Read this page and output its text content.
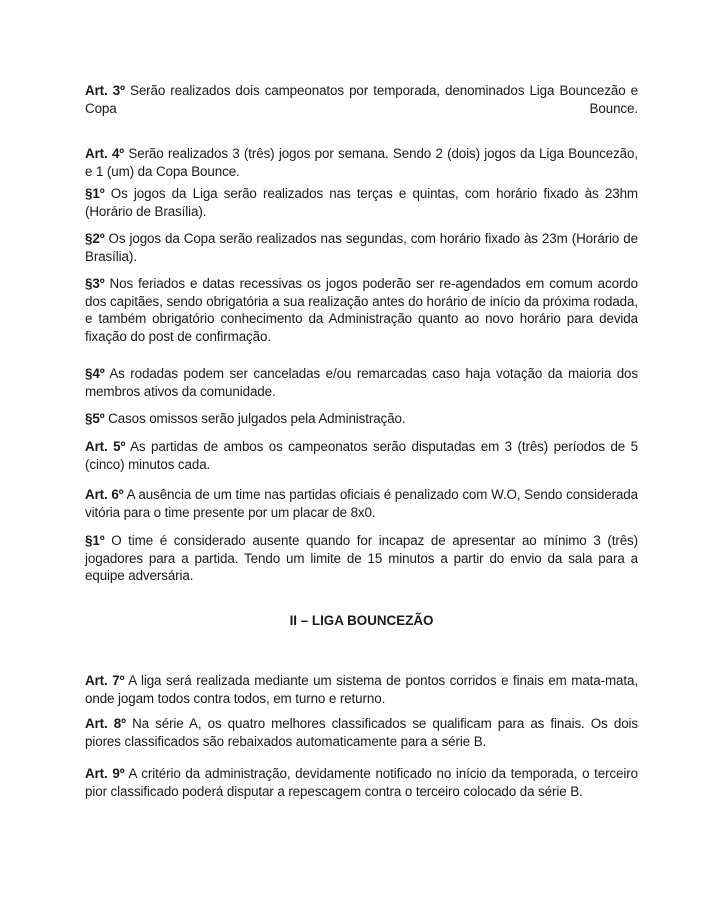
Art. 3º Serão realizados dois campeonatos por temporada, denominados Liga Bouncezão e Copa Bounce.

Art. 4º Serão realizados 3 (três) jogos por semana. Sendo 2 (dois) jogos da Liga Bouncezão, e 1 (um) da Copa Bounce.

§1º Os jogos da Liga serão realizados nas terças e quintas, com horário fixado às 23hm (Horário de Brasília).

§2º Os jogos da Copa serão realizados nas segundas, com horário fixado às 23m (Horário de Brasília).

§3º Nos feriados e datas recessivas os jogos poderão ser re-agendados em comum acordo dos capitães, sendo obrigatória a sua realização antes do horário de início da próxima rodada, e também obrigatório conhecimento da Administração quanto ao novo horário para devida fixação do post de confirmação.

§4º As rodadas podem ser canceladas e/ou remarcadas caso haja votação da maioria dos membros ativos da comunidade.

§5º Casos omissos serão julgados pela Administração.

Art. 5º As partidas de ambos os campeonatos serão disputadas em 3 (três) períodos de 5 (cinco) minutos cada.

Art. 6º A ausência de um time nas partidas oficiais é penalizado com W.O, Sendo considerada vitória para o time presente por um placar de 8x0.

§1º O time é considerado ausente quando for incapaz de apresentar ao mínimo 3 (três) jogadores para a partida. Tendo um limite de 15 minutos a partir do envio da sala para a equipe adversária.

II – LIGA BOUNCEZÃO

Art. 7º A liga será realizada mediante um sistema de pontos corridos e finais em mata-mata, onde jogam todos contra todos, em turno e returno.

Art. 8º Na série A, os quatro melhores classificados se qualificam para as finais. Os dois piores classificados são rebaixados automaticamente para a série B.

Art. 9º A critério da administração, devidamente notificado no início da temporada, o terceiro pior classificado poderá disputar a repescagem contra o terceiro colocado da série B.
